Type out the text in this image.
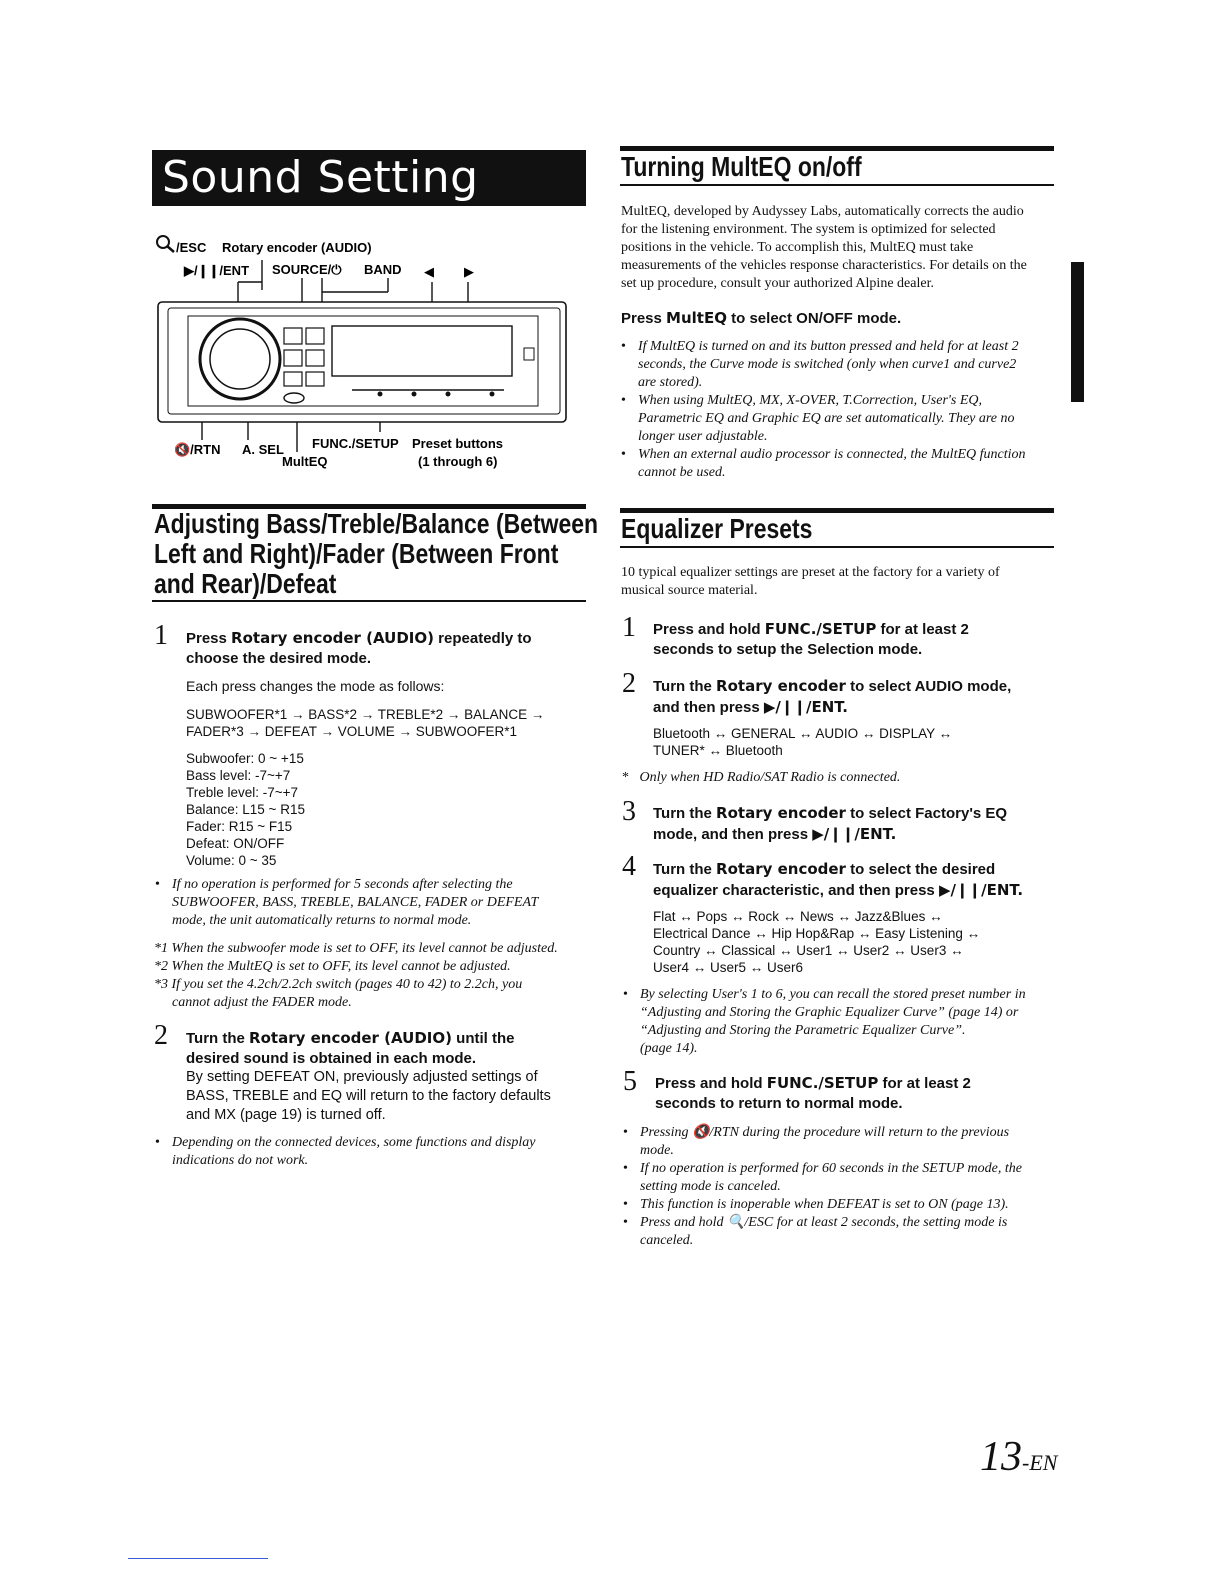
Sound Setting
/ESC Rotary encoder (AUDIO)
▶/❙❙/ENT SOURCE/⏻ BAND ◀ ▶
🔇/RTN A. SEL FUNC./SETUP Preset buttons
MultEQ	(1 through 6)
Adjusting Bass/Treble/Balance (Between
Left and Right)/Fader (Between Front
and Rear)/Defeat
1 Press Rotary encoder (AUDIO) repeatedly to
choose the desired mode.
Each press changes the mode as follows:
SUBWOOFER*1 → BASS*2 → TREBLE*2 → BALANCE →
FADER*3 → DEFEAT → VOLUME → SUBWOOFER*1
Subwoofer: 0 ~ +15
Bass level: -7~+7
Treble level: -7~+7
Balance: L15 ~ R15
Fader: R15 ~ F15
Defeat: ON/OFF
Volume: 0 ~ 35
• If no operation is performed for 5 seconds after selecting the
SUBWOOFER, BASS, TREBLE, BALANCE, FADER or DEFEAT
mode, the unit automatically returns to normal mode.
*1 When the subwoofer mode is set to OFF, its level cannot be adjusted.
*2 When the MultEQ is set to OFF, its level cannot be adjusted.
*3 If you set the 4.2ch/2.2ch switch (pages 40 to 42) to 2.2ch, you
cannot adjust the FADER mode.
2 Turn the Rotary encoder (AUDIO) until the
desired sound is obtained in each mode.
By setting DEFEAT ON, previously adjusted settings of
BASS, TREBLE and EQ will return to the factory defaults
and MX (page 19) is turned off.
• Depending on the connected devices, some functions and display
indications do not work.
Turning MultEQ on/off
MultEQ, developed by Audyssey Labs, automatically corrects the audio
for the listening environment. The system is optimized for selected
positions in the vehicle. To accomplish this, MultEQ must take
measurements of the vehicles response characteristics. For details on the
set up procedure, consult your authorized Alpine dealer.
Press MultEQ to select ON/OFF mode.
• If MultEQ is turned on and its button pressed and held for at least 2
seconds, the Curve mode is switched (only when curve1 and curve2
are stored).
• When using MultEQ, MX, X-OVER, T.Correction, User's EQ,
Parametric EQ and Graphic EQ are set automatically. They are no
longer user adjustable.
• When an external audio processor is connected, the MultEQ function
cannot be used.
Equalizer Presets
10 typical equalizer settings are preset at the factory for a variety of
musical source material.
1 Press and hold FUNC./SETUP for at least 2
seconds to setup the Selection mode.
2 Turn the Rotary encoder to select AUDIO mode,
and then press ▶/❙❙/ENT.
Bluetooth ↔ GENERAL ↔ AUDIO ↔ DISPLAY ↔
TUNER* ↔ Bluetooth
* Only when HD Radio/SAT Radio is connected.
3 Turn the Rotary encoder to select Factory's EQ
mode, and then press ▶/❙❙/ENT.
4 Turn the Rotary encoder to select the desired
equalizer characteristic, and then press ▶/❙❙/ENT.
Flat ↔ Pops ↔ Rock ↔ News ↔ Jazz&Blues ↔
Electrical Dance ↔ Hip Hop&Rap ↔ Easy Listening ↔
Country ↔ Classical ↔ User1 ↔ User2 ↔ User3 ↔
User4 ↔ User5 ↔ User6
• By selecting User's 1 to 6, you can recall the stored preset number in
“Adjusting and Storing the Graphic Equalizer Curve” (page 14) or
“Adjusting and Storing the Parametric Equalizer Curve”.
(page 14).
5 Press and hold FUNC./SETUP for at least 2
seconds to return to normal mode.
• Pressing 🔇/RTN during the procedure will return to the previous
mode.
• If no operation is performed for 60 seconds in the SETUP mode, the
setting mode is canceled.
• This function is inoperable when DEFEAT is set to ON (page 13).
• Press and hold 🔍/ESC for at least 2 seconds, the setting mode is
canceled.
13-EN
